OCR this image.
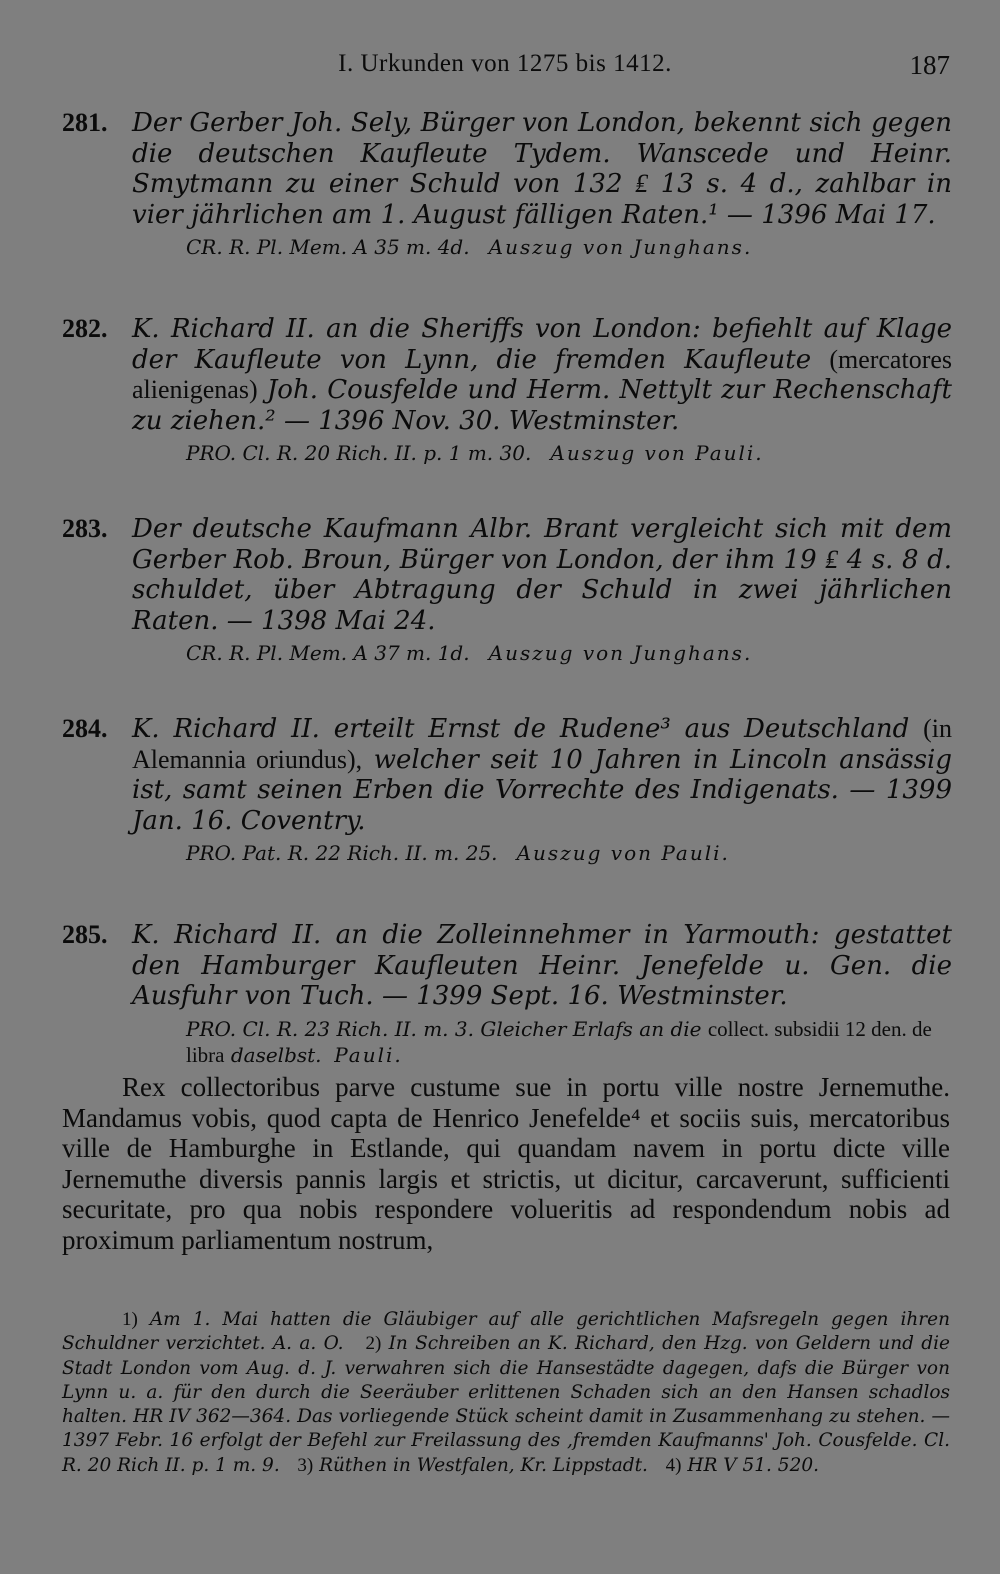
I. Urkunden von 1275 bis 1412.	187

281. Der Gerber Joh. Sely, Bürger von London, bekennt sich gegen die deutschen Kaufleute Tydem. Wanscede und Heinr. Smytmann zu einer Schuld von 132 ₤ 13 s. 4 d., zahlbar in vier jährlichen am 1. August fälligen Raten.¹ — 1396 Mai 17.

CR. R. Pl. Mem. A 35 m. 4d. Auszug von Junghans.

282. K. Richard II. an die Sheriffs von London: befiehlt auf Klage der Kaufleute von Lynn, die fremden Kaufleute (mercatores alienigenas) Joh. Cousfelde und Herm. Nettylt zur Rechenschaft zu ziehen.² — 1396 Nov. 30. Westminster.

PRO. Cl. R. 20 Rich. II. p. 1 m. 30. Auszug von Pauli.

283. Der deutsche Kaufmann Albr. Brant vergleicht sich mit dem Gerber Rob. Broun, Bürger von London, der ihm 19 ₤ 4 s. 8 d. schuldet, über Abtragung der Schuld in zwei jährlichen Raten. — 1398 Mai 24.

CR. R. Pl. Mem. A 37 m. 1d. Auszug von Junghans.

284. K. Richard II. erteilt Ernst de Rudene³ aus Deutschland (in Alemannia oriundus), welcher seit 10 Jahren in Lincoln ansässig ist, samt seinen Erben die Vorrechte des Indigenats. — 1399 Jan. 16. Coventry.

PRO. Pat. R. 22 Rich. II. m. 25. Auszug von Pauli.

285. K. Richard II. an die Zolleinnehmer in Yarmouth: gestattet den Hamburger Kaufleuten Heinr. Jenefelde u. Gen. die Ausfuhr von Tuch. — 1399 Sept. 16. Westminster.

PRO. Cl. R. 23 Rich. II. m. 3. Gleicher Erlafs an die collect. subsidii 12 den. de libra daselbst. Pauli.

Rex collectoribus parve custume sue in portu ville nostre Jernemuthe. Mandamus vobis, quod capta de Henrico Jenefelde⁴ et sociis suis, mercatoribus ville de Hamburghe in Estlande, qui quandam navem in portu dicte ville Jernemuthe diversis pannis largis et strictis, ut dicitur, carcaverunt, sufficienti securitate, pro qua nobis respondere volueritis ad respondendum nobis ad proximum parliamentum nostrum,

1) Am 1. Mai hatten die Gläubiger auf alle gerichtlichen Mafsregeln gegen ihren Schuldner verzichtet. A. a. O. 2) In Schreiben an K. Richard, den Hzg. von Geldern und die Stadt London vom Aug. d. J. verwahren sich die Hansestädte dagegen, dafs die Bürger von Lynn u. a. für den durch die Seeräuber erlittenen Schaden sich an den Hansen schadlos halten. HR IV 362—364. Das vorliegende Stück scheint damit in Zusammenhang zu stehen. — 1397 Febr. 16 erfolgt der Befehl zur Freilassung des ‚fremden Kaufmanns' Joh. Cousfelde. Cl. R. 20 Rich II. p. 1 m. 9. 3) Rüthen in Westfalen, Kr. Lippstadt. 4) HR V 51. 520.
